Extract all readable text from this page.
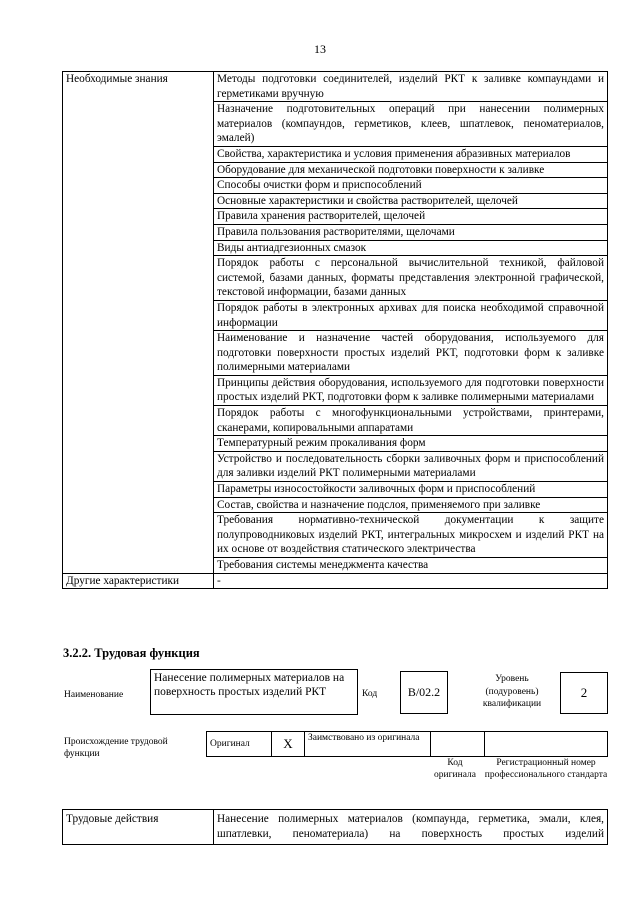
13
Необходимые знания	Методы подготовки соединителей, изделий РКТ к заливке компаундами и герметиками вручную
	Назначение подготовительных операций при нанесении полимерных материалов (компаундов, герметиков, клеев, шпатлевок, пеноматериалов, эмалей)
	Свойства, характеристика и условия применения абразивных материалов
	Оборудование для механической подготовки поверхности к заливке
	Способы очистки форм и приспособлений
	Основные характеристики и свойства растворителей, щелочей
	Правила хранения растворителей, щелочей
	Правила пользования растворителями, щелочами
	Виды антиадгезионных смазок
	Порядок работы с персональной вычислительной техникой, файловой системой, базами данных, форматы представления электронной графической, текстовой информации, базами данных
	Порядок работы в электронных архивах для поиска необходимой справочной информации
	Наименование и назначение частей оборудования, используемого для подготовки поверхности простых изделий РКТ, подготовки форм к заливке полимерными материалами
	Принципы действия оборудования, используемого для подготовки поверхности простых изделий РКТ, подготовки форм к заливке полимерными материалами
	Порядок работы с многофункциональными устройствами, принтерами, сканерами, копировальными аппаратами
	Температурный режим прокаливания форм
	Устройство и последовательность сборки заливочных форм и приспособлений для заливки изделий РКТ полимерными материалами
	Параметры износостойкости заливочных форм и приспособлений
	Состав, свойства и назначение подслоя, применяемого при заливке
	Требования нормативно-технической документации к защите полупроводниковых изделий РКТ, интегральных микросхем и изделий РКТ на их основе от воздействия статического электричества
	Требования системы менеджмента качества
Другие характеристики	-
3.2.2. Трудовая функция
Наименование
Нанесение полимерных материалов на поверхность простых изделий РКТ	Код	B/02.2
Уровень (подуровень) квалификации
2
Происхождение трудовой функции
Оригинал	X	Заимствовано из оригинала
Код оригинала
Регистрационный номер профессионального стандарта
Трудовые действия	Нанесение полимерных материалов (компаунда, герметика, эмали, клея, шпатлевки, пеноматериала) на поверхность простых изделий
